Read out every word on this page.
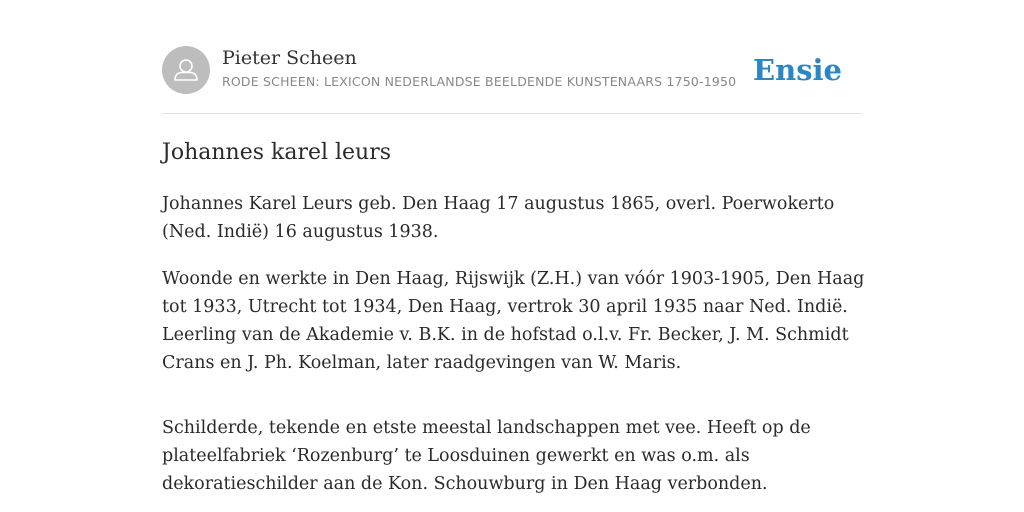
Pieter Scheen
RODE SCHEEN: LEXICON NEDERLANDSE BEELDENDE KUNSTENAARS 1750-1950 Ensie
Johannes karel leurs

Johannes Karel Leurs geb. Den Haag 17 augustus 1865, overl. Poerwokerto (Ned. Indië) 16 augustus 1938.

Woonde en werkte in Den Haag, Rijswijk (Z.H.) van vóór 1903-1905, Den Haag tot 1933, Utrecht tot 1934, Den Haag, vertrok 30 april 1935 naar Ned. Indië. Leerling van de Akademie v. B.K. in de hofstad o.l.v. Fr. Becker, J. M. Schmidt Crans en J. Ph. Koelman, later raadgevingen van W. Maris.

Schilderde, tekende en etste meestal landschappen met vee. Heeft op de plateelfabriek ‘Rozenburg’ te Loosduinen gewerkt en was o.m. als dekoratieschilder aan de Kon. Schouwburg in Den Haag verbonden.
